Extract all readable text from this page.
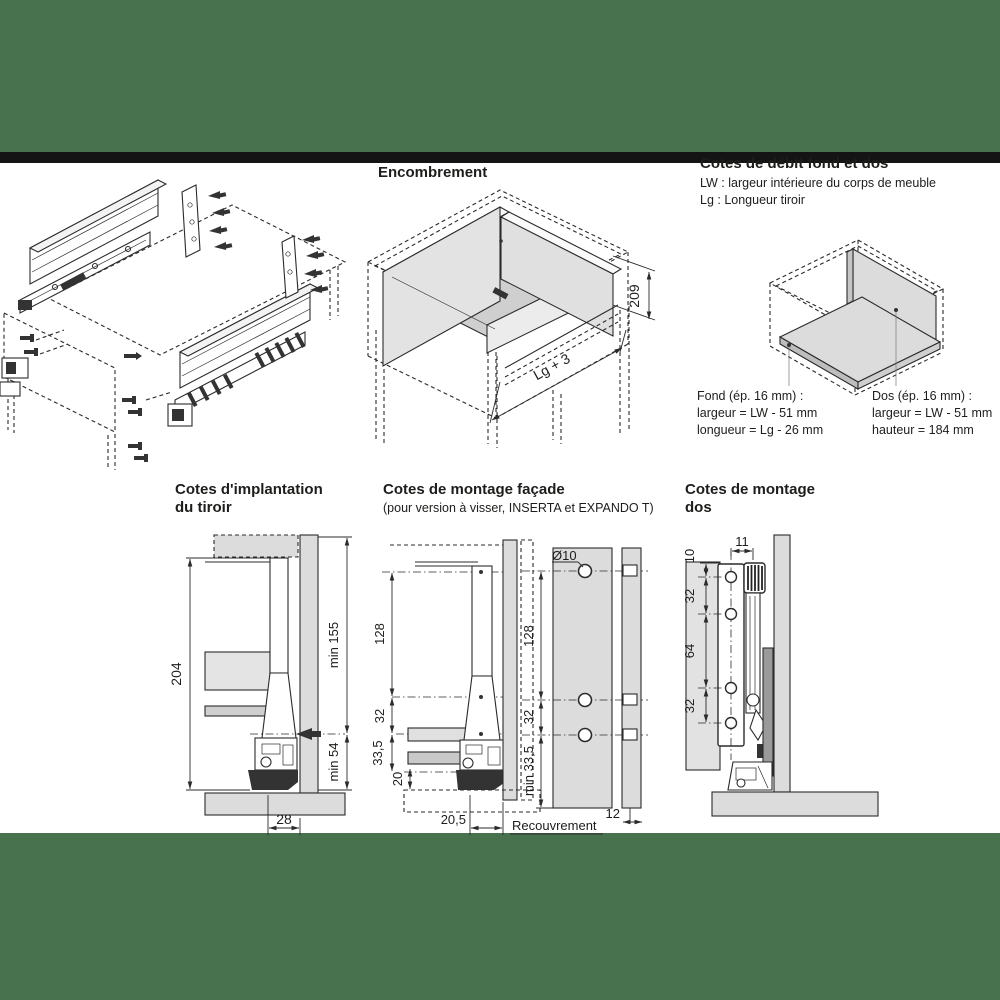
Encombrement
Cotes de débit fond et dos
LW : largeur intérieure du corps de meuble
Lg : Longueur tiroir
Fond (ép. 16 mm) :
largeur = LW - 51 mm
longueur = Lg - 26 mm
Dos (ép. 16 mm) :
largeur = LW - 51 mm
hauteur = 184 mm
Cotes d'implantation
du tiroir
Cotes de montage façade
(pour version à visser, INSERTA et EXPANDO T)
Cotes de montage
dos
209
Lg + 3
204
min 155
min 54
28
128
32
33,5
20
20,5	Recouvrement
Ø10
128
32
min 33,5
12
10
32
64
32
11
